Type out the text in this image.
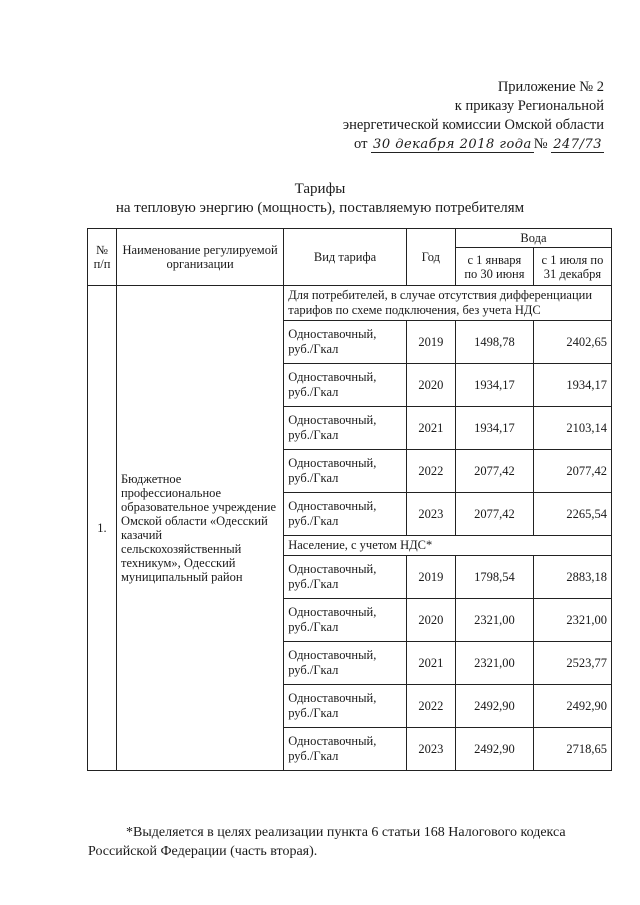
Приложение № 2
к приказу Региональной
энергетической комиссии Омской области
от 30 декабря 2018 года № 247/73
Тарифы
на тепловую энергию (мощность), поставляемую потребителям
№ п/п	Наименование регулируемой организации	Вид тарифа	Год	Вода	
				с 1 января по 30 июня	с 1 июля по 31 декабря
1.	Бюджетное профессиональное образовательное учреждение Омской области «Одесский казачий сельскохозяйственный техникум», Одесский муниципальный район	Для потребителей, в случае отсутствия дифференциации тарифов по схеме подключения, без учета НДС			
		Одноставочный, руб./Гкал	2019	1498,78	2402,65
		Одноставочный, руб./Гкал	2020	1934,17	1934,17
		Одноставочный, руб./Гкал	2021	1934,17	2103,14
		Одноставочный, руб./Гкал	2022	2077,42	2077,42
		Одноставочный, руб./Гкал	2023	2077,42	2265,54
		Население, с учетом НДС*			
		Одноставочный, руб./Гкал	2019	1798,54	2883,18
		Одноставочный, руб./Гкал	2020	2321,00	2321,00
		Одноставочный, руб./Гкал	2021	2321,00	2523,77
		Одноставочный, руб./Гкал	2022	2492,90	2492,90
		Одноставочный, руб./Гкал	2023	2492,90	2718,65
*Выделяется в целях реализации пункта 6 статьи 168 Налогового кодекса Российской Федерации (часть вторая).
